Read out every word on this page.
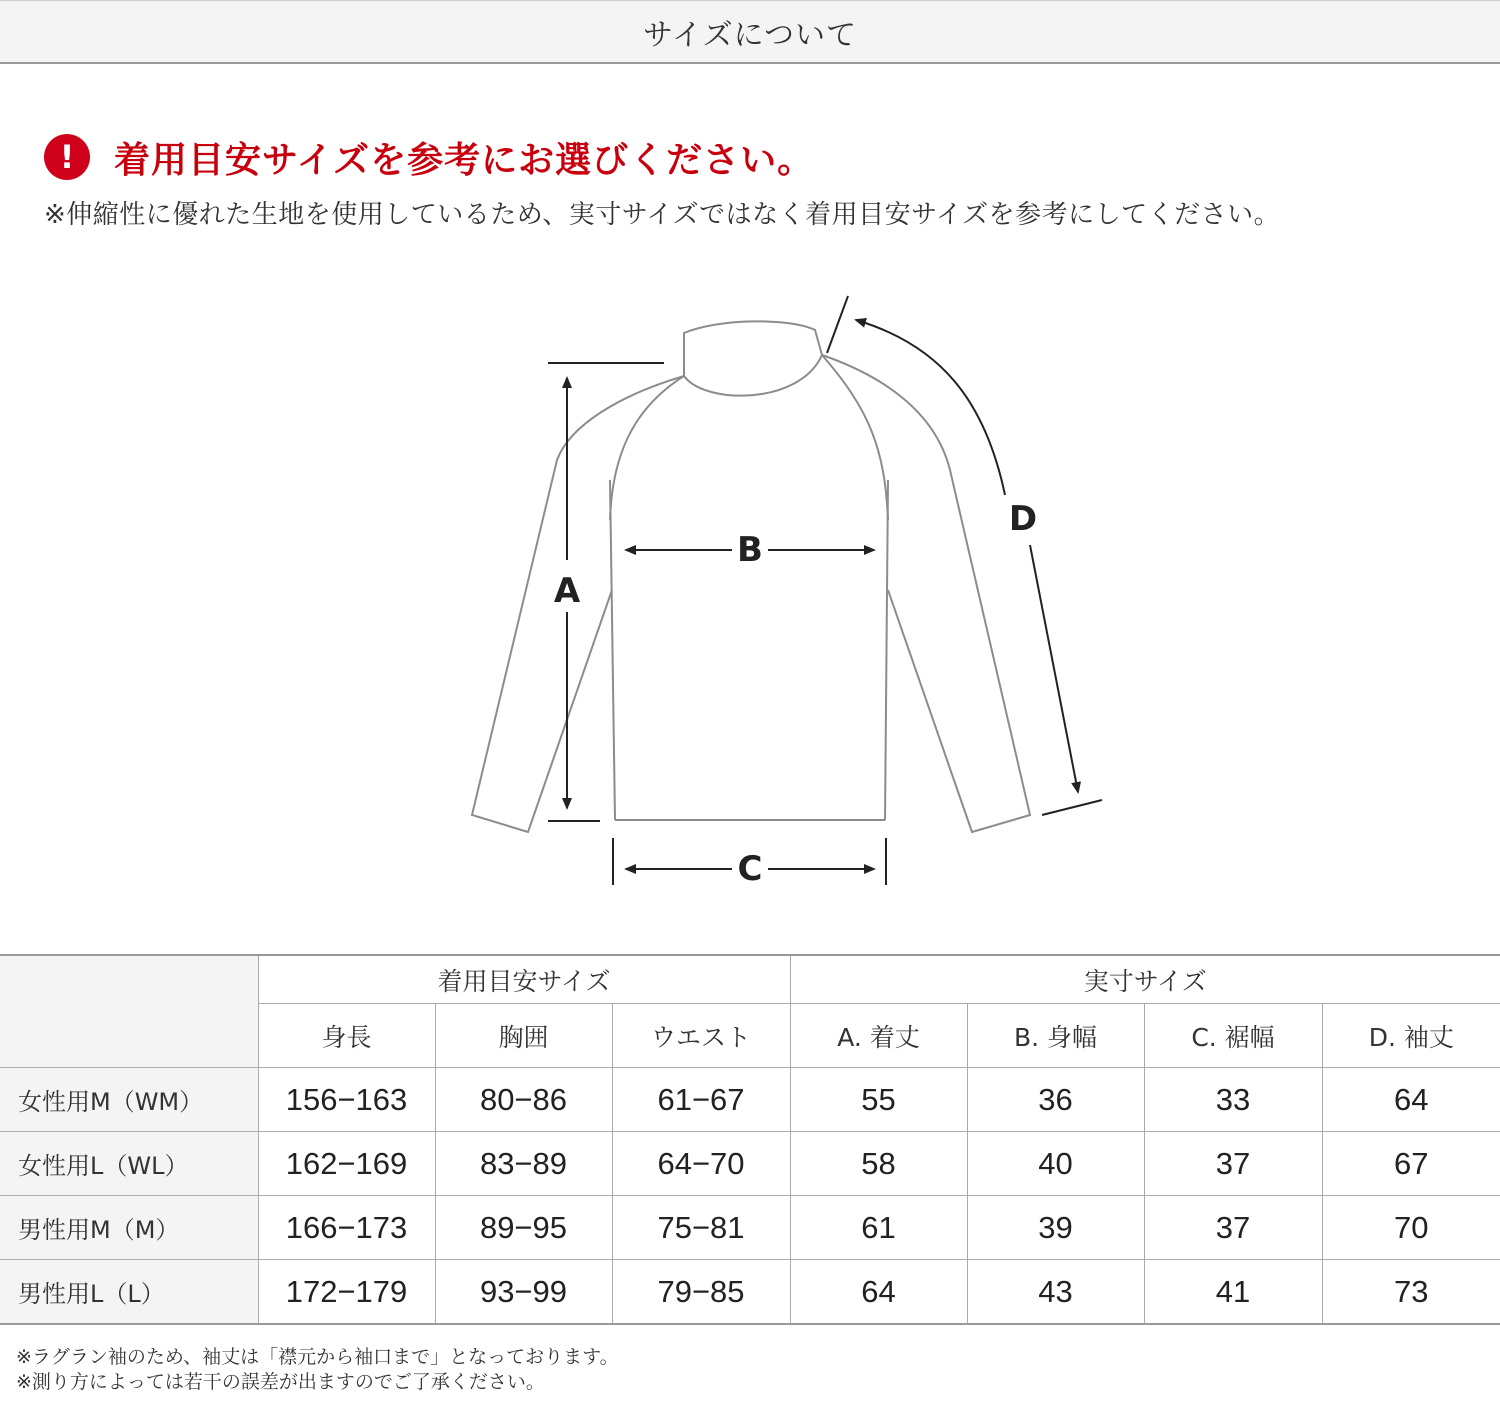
サイズについて
!	着用目安サイズを参考にお選びください。
※伸縮性に優れた生地を使用しているため、実寸サイズではなく着用目安サイズを参考にしてください。
A
B
C
D
	着用目安サイズ			実寸サイズ			
	身長	胸囲	ウエスト	A. 着丈	B. 身幅	C. 裾幅	D. 袖丈
女性用M（WM）	156−163	80−86	61−67	55	36	33	64
女性用L（WL）	162−169	83−89	64−70	58	40	37	67
男性用M（M）	166−173	89−95	75−81	61	39	37	70
男性用L（L）	172−179	93−99	79−85	64	43	41	73
※ラグラン袖のため、袖丈は「襟元から袖口まで」となっております。
※測り方によっては若干の誤差が出ますのでご了承ください。
